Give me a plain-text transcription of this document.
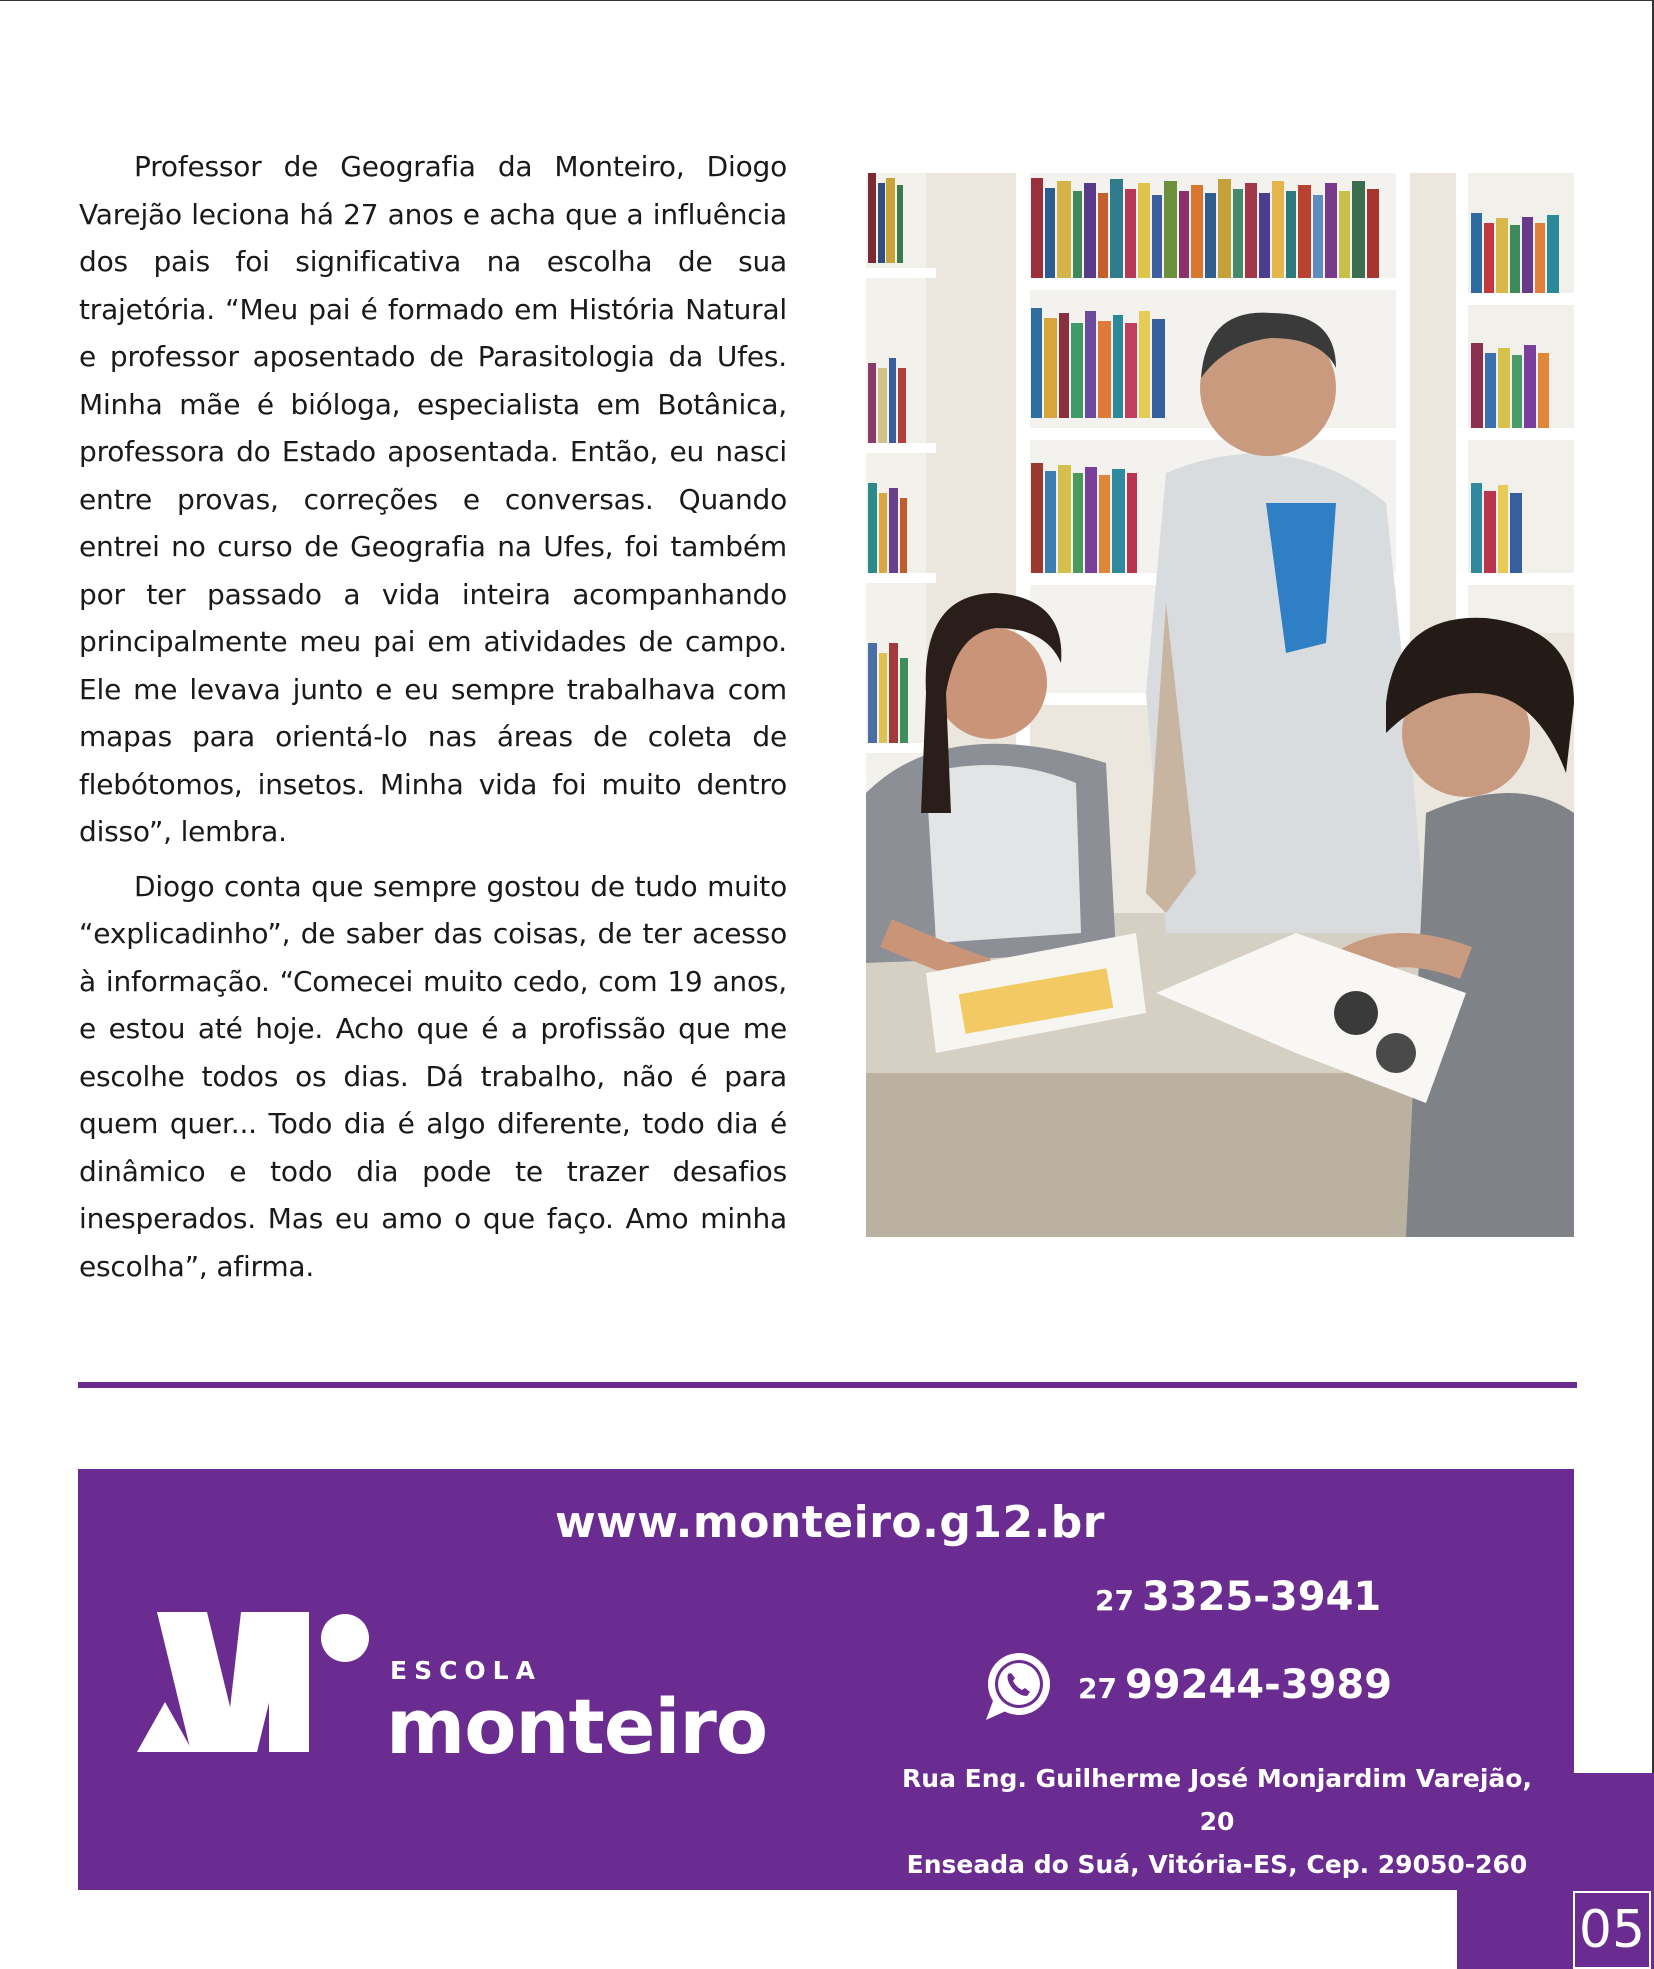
Professor de Geografia da Monteiro, Diogo Varejão leciona há 27 anos e acha que a influência dos pais foi significativa na escolha de sua trajetória. “Meu pai é formado em História Natural e professor aposentado de Parasitologia da Ufes. Minha mãe é bióloga, especialista em Botânica, professora do Estado aposentada. Então, eu nasci entre provas, correções e conversas. Quando entrei no curso de Geografia na Ufes, foi também por ter passado a vida inteira acompanhando principalmente meu pai em atividades de campo. Ele me levava junto e eu sempre trabalhava com mapas para orientá-lo nas áreas de coleta de flebótomos, insetos. Minha vida foi muito dentro disso”, lembra.

Diogo conta que sempre gostou de tudo muito “explicadinho”, de saber das coisas, de ter acesso à informação. “Comecei muito cedo, com 19 anos, e estou até hoje. Acho que é a profissão que me escolhe todos os dias. Dá trabalho, não é para quem quer... Todo dia é algo diferente, todo dia é dinâmico e todo dia pode te trazer desafios inesperados. Mas eu amo o que faço. Amo minha escolha”, afirma.

www.monteiro.g12.br
ESCOLA
monteiro
27 3325-3941
27 99244-3989
Rua Eng. Guilherme José Monjardim Varejão, 20
Enseada do Suá, Vitória-ES, Cep. 29050-260
05
